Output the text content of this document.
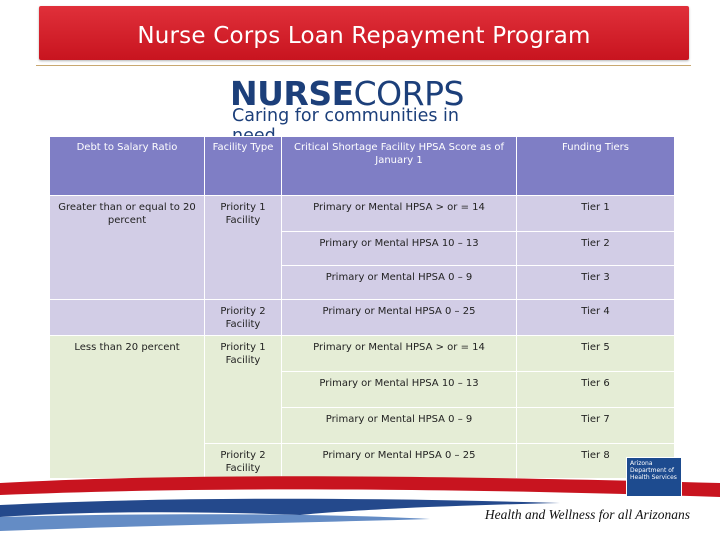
Nurse Corps Loan Repayment Program
NURSECORPS
Caring for communities in
Debt to Salary Ratio	Facility Type	Critical Shortage Facility HPSA Score as of January 1	Funding Tiers
Greater than or equal to 20 percent	Priority 1 Facility	Primary or Mental HPSA > or = 14	Tier 1
		Primary or Mental HPSA 10 – 13	Tier 2
		Primary or Mental HPSA 0 – 9	Tier 3
	Priority 2 Facility	Primary or Mental HPSA 0 – 25	Tier 4
Less than 20 percent	Priority 1 Facility	Primary or Mental HPSA > or = 14	Tier 5
		Primary or Mental HPSA 10 – 13	Tier 6
		Primary or Mental HPSA 0 – 9	Tier 7
	Priority 2 Facility	Primary or Mental HPSA 0 – 25	Tier 8
Arizona Department of Health Services
Health and Wellness for all Arizonans
